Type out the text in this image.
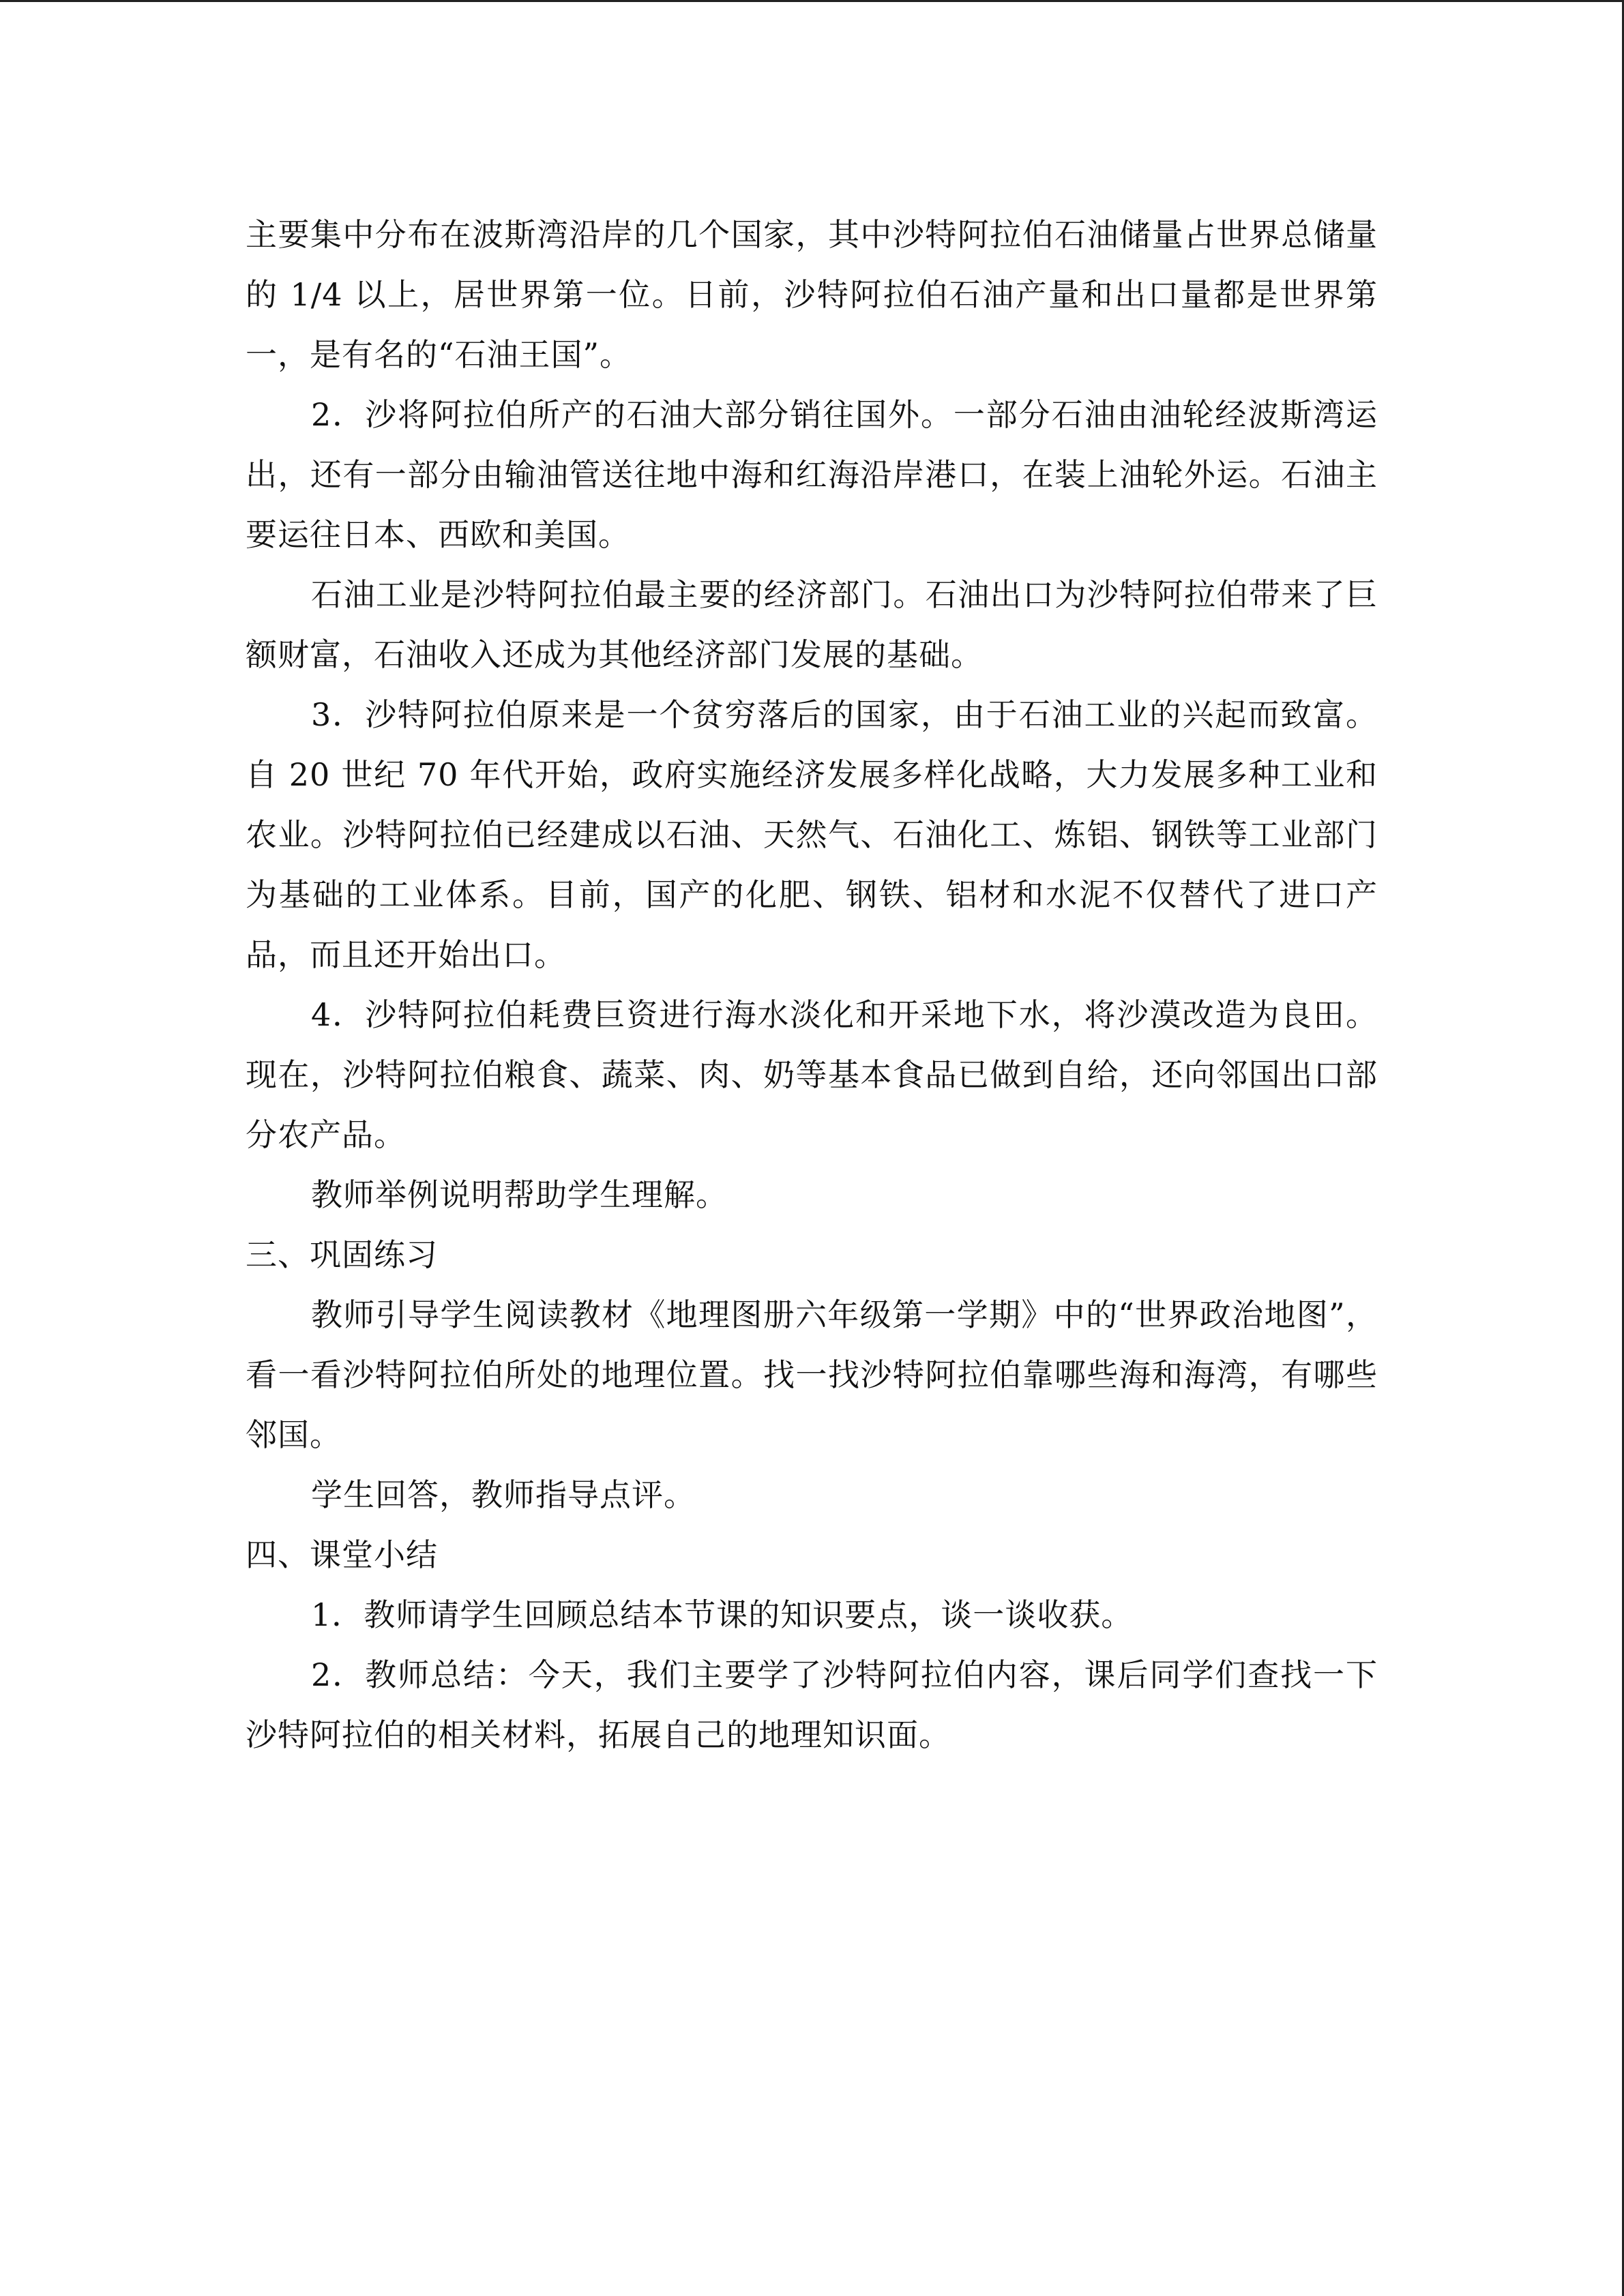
主要集中分布在波斯湾沿岸的几个国家，其中沙特阿拉伯石油储量占世界总储量的 1/4 以上，居世界第一位。日前，沙特阿拉伯石油产量和出口量都是世界第一，是有名的“石油王国”。

2．沙将阿拉伯所产的石油大部分销往国外。一部分石油由油轮经波斯湾运出，还有一部分由输油管送往地中海和红海沿岸港口，在装上油轮外运。石油主要运往日本、西欧和美国。

石油工业是沙特阿拉伯最主要的经济部门。石油出口为沙特阿拉伯带来了巨额财富，石油收入还成为其他经济部门发展的基础。

3．沙特阿拉伯原来是一个贫穷落后的国家，由于石油工业的兴起而致富。自 20 世纪 70 年代开始，政府实施经济发展多样化战略，大力发展多种工业和农业。沙特阿拉伯已经建成以石油、天然气、石油化工、炼铝、钢铁等工业部门为基础的工业体系。目前，国产的化肥、钢铁、铝材和水泥不仅替代了进口产品，而且还开始出口。

4．沙特阿拉伯耗费巨资进行海水淡化和开采地下水，将沙漠改造为良田。现在，沙特阿拉伯粮食、蔬菜、肉、奶等基本食品已做到自给，还向邻国出口部分农产品。

教师举例说明帮助学生理解。

三、巩固练习

教师引导学生阅读教材《地理图册六年级第一学期》中的“世界政治地图”，看一看沙特阿拉伯所处的地理位置。找一找沙特阿拉伯靠哪些海和海湾，有哪些邻国。

学生回答，教师指导点评。

四、课堂小结

1．教师请学生回顾总结本节课的知识要点，谈一谈收获。

2．教师总结：今天，我们主要学了沙特阿拉伯内容，课后同学们查找一下沙特阿拉伯的相关材料，拓展自己的地理知识面。
